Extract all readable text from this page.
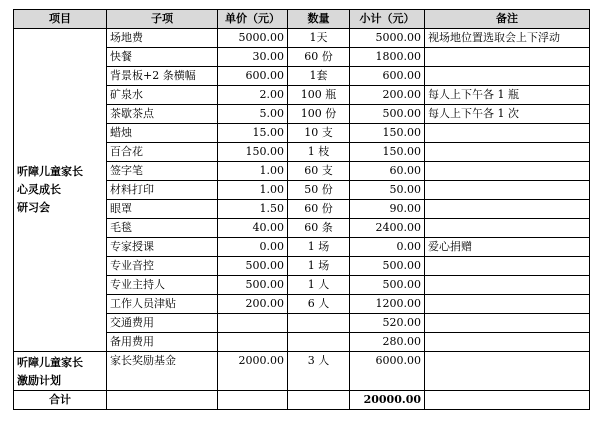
项目	子项	单价（元）	数量	小计（元）	备注

听障儿童家长
心灵成长
研习会	场地费	5000.00	1天	5000.00	视场地位置选取会上下浮动
	快餐	30.00	60 份	1800.00	
	背景板+2 条横幅	600.00	1套	600.00	
	矿泉水	2.00	100 瓶	200.00	每人上下午各 1 瓶
	茶歇茶点	5.00	100 份	500.00	每人上下午各 1 次
	蜡烛	15.00	10 支	150.00	
	百合花	150.00	1 枝	150.00	
	签字笔	1.00	60 支	60.00	
	材料打印	1.00	50 份	50.00	
	眼罩	1.50	60 份	90.00	
	毛毯	40.00	60 条	2400.00	
	专家授课	0.00	1 场	0.00	爱心捐赠
	专业音控	500.00	1 场	500.00	
	专业主持人	500.00	1 人	500.00	
	工作人员津贴	200.00	6 人	1200.00	
	交通费用			520.00	
	备用费用			280.00	

听障儿童家长
激励计划	家长奖励基金	2000.00	3 人	6000.00	
合计				20000.00	
